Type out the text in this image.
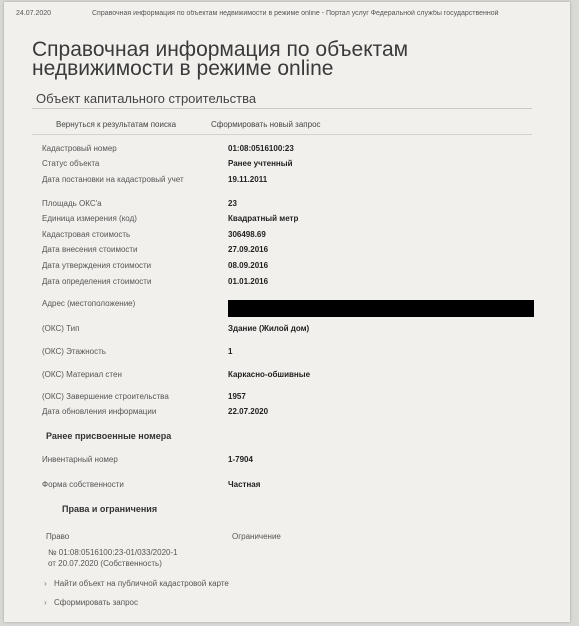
24.07.2020	Справочная информация по объектам недвижимости в режиме online - Портал услуг Федеральной службы государственной
Справочная информация по объектам недвижимости в режиме online
Объект капитального строительства
Вернуться к результатам поиска	Сформировать новый запрос
Кадастровый номер	01:08:0516100:23
Статус объекта	Ранее учтенный
Дата постановки на кадастровый учет	19.11.2011
Площадь ОКС'а	23
Единица измерения (код)	Квадратный метр
Кадастровая стоимость	306498.69
Дата внесения стоимости	27.09.2016
Дата утверждения стоимости	08.09.2016
Дата определения стоимости	01.01.2016
Адрес (местоположение)
(ОКС) Тип	Здание (Жилой дом)
(ОКС) Этажность	1
(ОКС) Материал стен	Каркасно-обшивные
(ОКС) Завершение строительства	1957
Дата обновления информации	22.07.2020
Ранее присвоенные номера
Инвентарный номер	1-7904
Форма собственности	Частная
Права и ограничения
Право	Ограничение
№ 01:08:0516100:23-01/033/2020-1
от 20.07.2020 (Собственность)
› Найти объект на публичной кадастровой карте
› Сформировать запрос
